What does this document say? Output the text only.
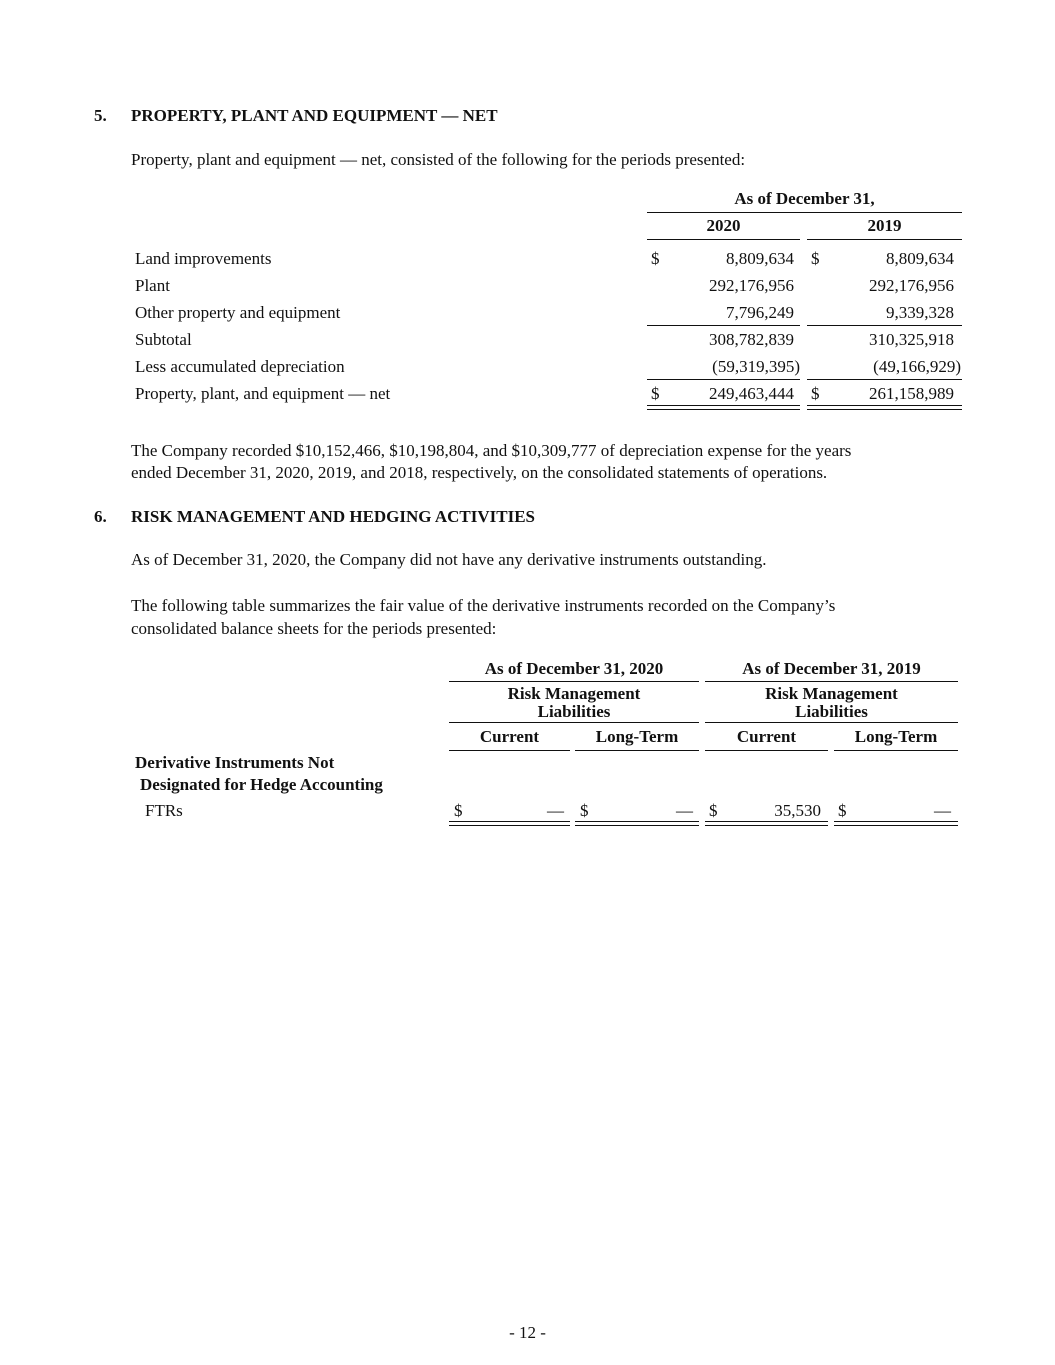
5. PROPERTY, PLANT AND EQUIPMENT — NET
Property, plant and equipment — net, consisted of the following for the periods presented:
As of December 31,
2020	2019
Land improvements	$	8,809,634 $	8,809,634
Plant	292,176,956	292,176,956
Other property and equipment	7,796,249	9,339,328
Subtotal	308,782,839	310,325,918
Less accumulated depreciation	(59,319,395)	(49,166,929)
Property, plant, and equipment — net	$	249,463,444 $	261,158,989
The Company recorded $10,152,466, $10,198,804, and $10,309,777 of depreciation expense for the years
ended December 31, 2020, 2019, and 2018, respectively, on the consolidated statements of operations.
6. RISK MANAGEMENT AND HEDGING ACTIVITIES
As of December 31, 2020, the Company did not have any derivative instruments outstanding.
The following table summarizes the fair value of the derivative instruments recorded on the Company’s
consolidated balance sheets for the periods presented:
As of December 31, 2020	As of December 31, 2019
Risk Management
Liabilities
Risk Management
Liabilities
Current	Long-Term	Current	Long-Term
Derivative Instruments Not
Designated for Hedge Accounting
FTRs	$	— $	— $	35,530 $	—
- 12 -
